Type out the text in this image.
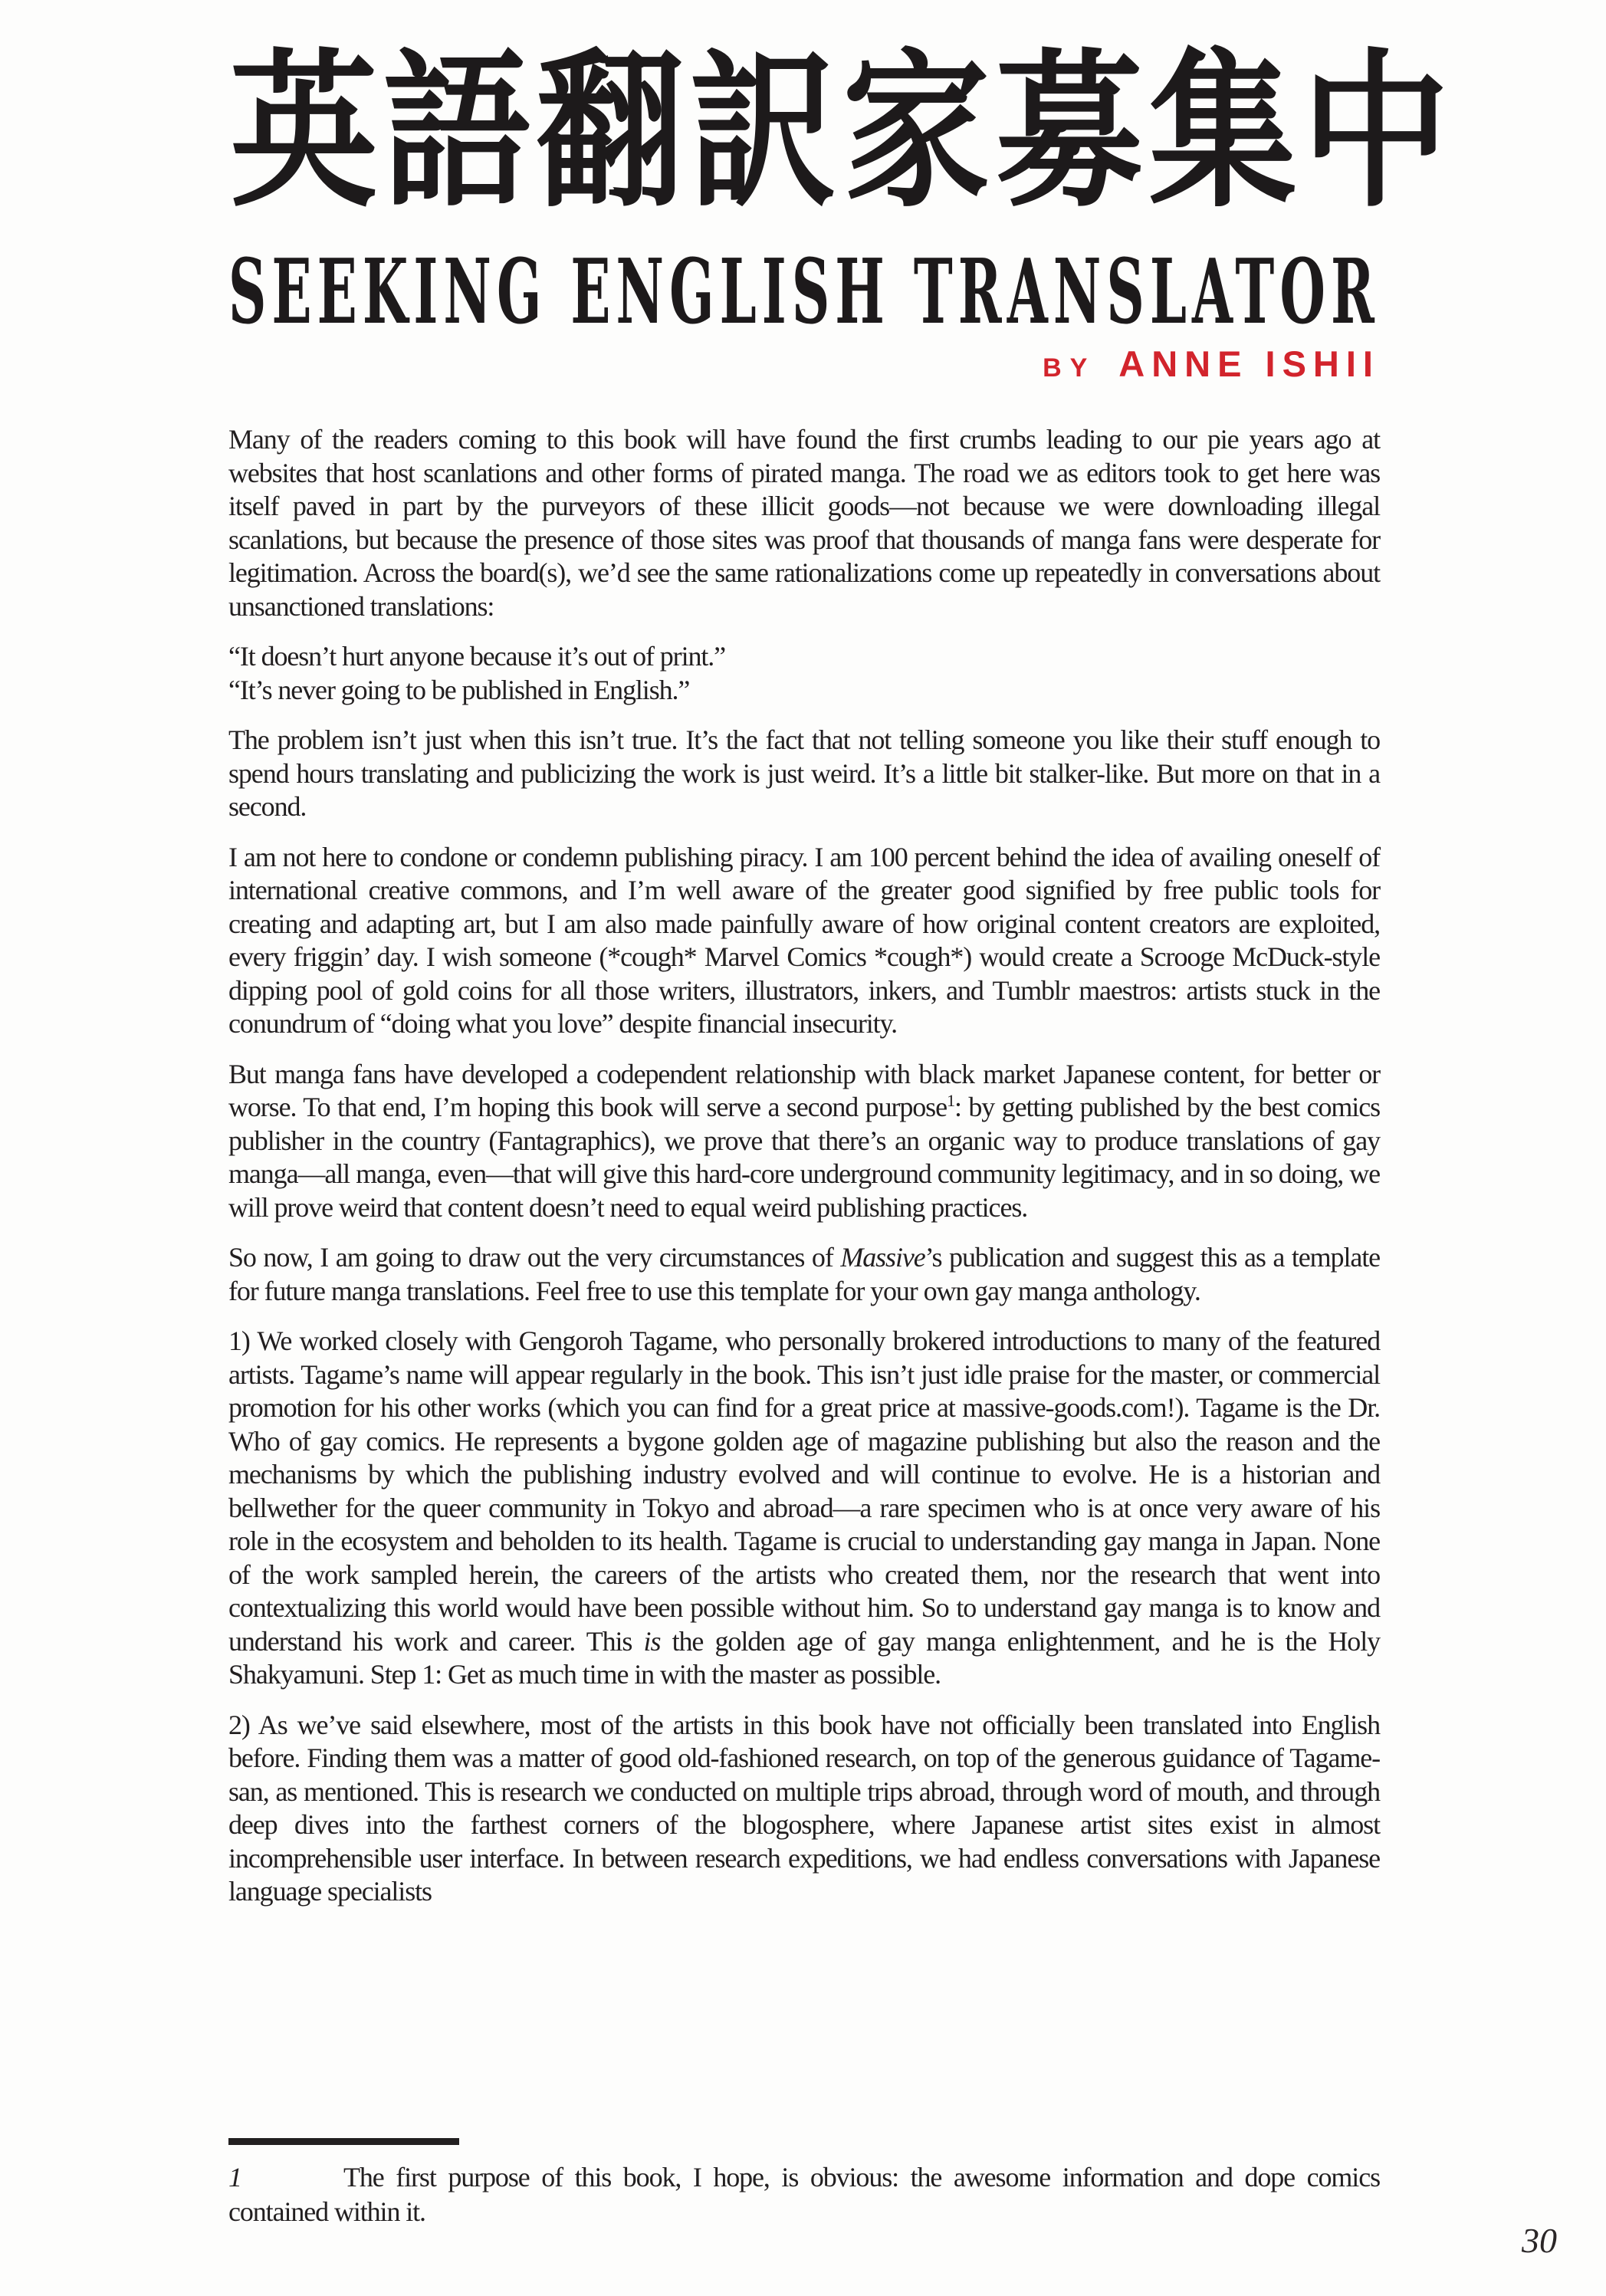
英語翻訳家募集中
SEEKING ENGLISH TRANSLATOR
BY ANNE ISHII

Many of the readers coming to this book will have found the first crumbs leading to our pie years ago at websites that host scanlations and other forms of pirated manga. The road we as editors took to get here was itself paved in part by the purveyors of these illicit goods—not because we were downloading illegal scanlations, but because the presence of those sites was proof that thousands of manga fans were desperate for legitimation. Across the board(s), we’d see the same rationalizations come up repeatedly in conversations about unsanctioned translations:

“It doesn’t hurt anyone because it’s out of print.”
“It’s never going to be published in English.”

The problem isn’t just when this isn’t true. It’s the fact that not telling someone you like their stuff enough to spend hours translating and publicizing the work is just weird. It’s a little bit stalker-like. But more on that in a second.

I am not here to condone or condemn publishing piracy. I am 100 percent behind the idea of availing oneself of international creative commons, and I’m well aware of the greater good signified by free public tools for creating and adapting art, but I am also made painfully aware of how original content creators are exploited, every friggin’ day. I wish someone (*cough* Marvel Comics *cough*) would create a Scrooge McDuck-style dipping pool of gold coins for all those writers, illustrators, inkers, and Tumblr maestros: artists stuck in the conundrum of “doing what you love” despite financial insecurity.

But manga fans have developed a codependent relationship with black market Japanese content, for better or worse. To that end, I’m hoping this book will serve a second purpose$^1$: by getting published by the best comics publisher in the country (Fantagraphics), we prove that there’s an organic way to produce translations of gay manga—all manga, even—that will give this hard-core underground community legitimacy, and in so doing, we will prove weird that content doesn’t need to equal weird publishing practices.

So now, I am going to draw out the very circumstances of Massive’s publication and suggest this as a template for future manga translations. Feel free to use this template for your own gay manga anthology.

1) We worked closely with Gengoroh Tagame, who personally brokered introductions to many of the featured artists. Tagame’s name will appear regularly in the book. This isn’t just idle praise for the master, or commercial promotion for his other works (which you can find for a great price at massive-goods.com!). Tagame is the Dr. Who of gay comics. He represents a bygone golden age of magazine publishing but also the reason and the mechanisms by which the publishing industry evolved and will continue to evolve. He is a historian and bellwether for the queer community in Tokyo and abroad—a rare specimen who is at once very aware of his role in the ecosystem and beholden to its health. Tagame is crucial to understanding gay manga in Japan. None of the work sampled herein, the careers of the artists who created them, nor the research that went into contextualizing this world would have been possible without him. So to understand gay manga is to know and understand his work and career. This is the golden age of gay manga enlightenment, and he is the Holy Shakyamuni. Step 1: Get as much time in with the master as possible.

2) As we’ve said elsewhere, most of the artists in this book have not officially been translated into English before. Finding them was a matter of good old-fashioned research, on top of the generous guidance of Tagame-san, as mentioned. This is research we conducted on multiple trips abroad, through word of mouth, and through deep dives into the farthest corners of the blogosphere, where Japanese artist sites exist in almost incomprehensible user interface. In between research expeditions, we had endless conversations with Japanese language specialists

1	The first purpose of this book, I hope, is obvious: the awesome information and dope comics contained within it.
30
